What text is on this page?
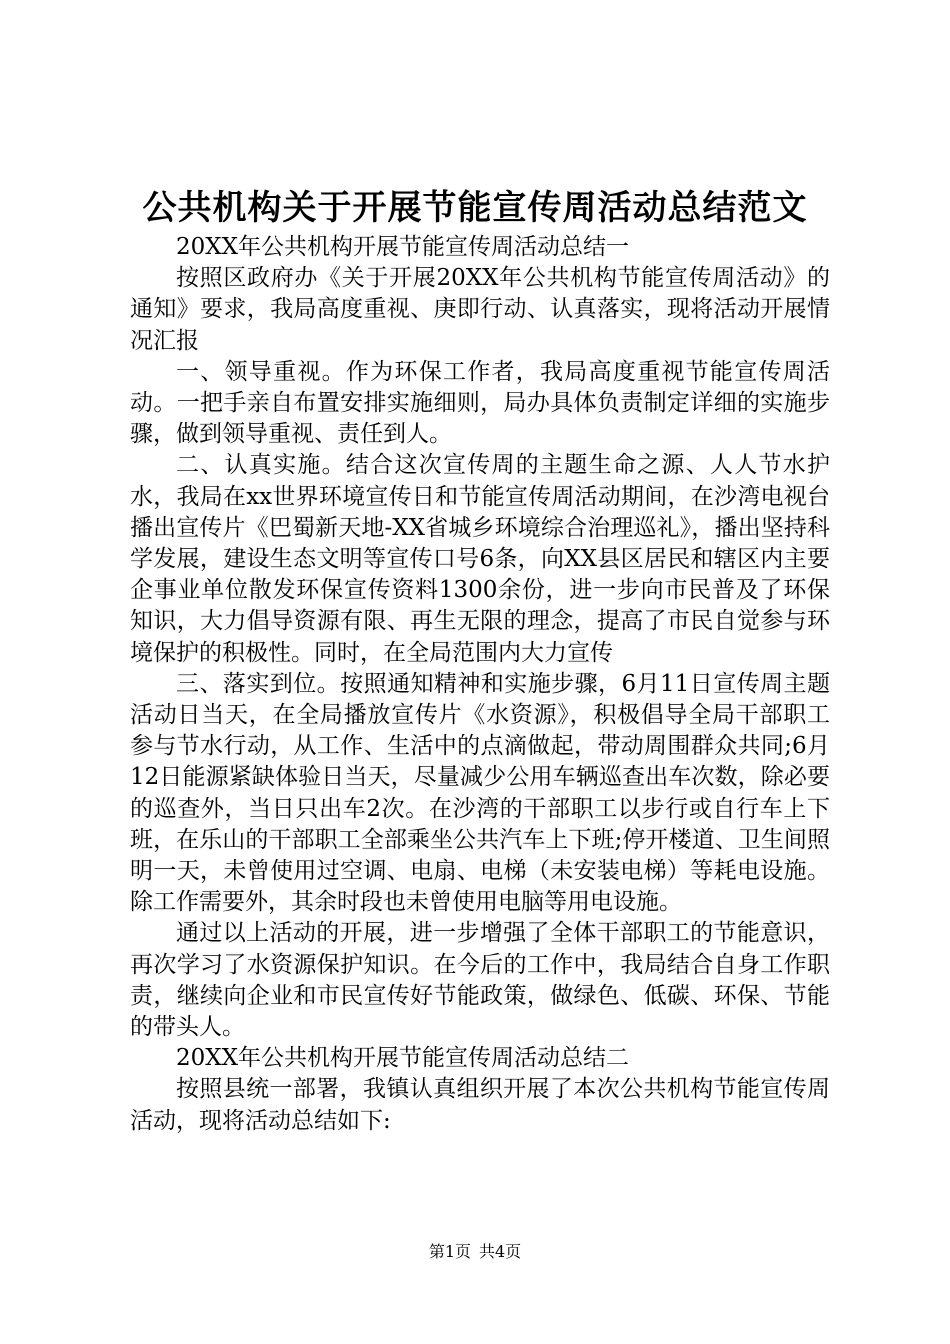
公共机构关于开展节能宣传周活动总结范文

20XX年公共机构开展节能宣传周活动总结一

按照区政府办《关于开展20XX年公共机构节能宣传周活动》的通知》要求，我局高度重视、庚即行动、认真落实，现将活动开展情况汇报

一、领导重视。作为环保工作者，我局高度重视节能宣传周活动。一把手亲自布置安排实施细则，局办具体负责制定详细的实施步骤，做到领导重视、责任到人。

二、认真实施。结合这次宣传周的主题生命之源、人人节水护水，我局在xx世界环境宣传日和节能宣传周活动期间，在沙湾电视台播出宣传片《巴蜀新天地-XX省城乡环境综合治理巡礼》，播出坚持科学发展，建设生态文明等宣传口号6条，向XX县区居民和辖区内主要企事业单位散发环保宣传资料1300余份，进一步向市民普及了环保知识，大力倡导资源有限、再生无限的理念，提高了市民自觉参与环境保护的积极性。同时，在全局范围内大力宣传

三、落实到位。按照通知精神和实施步骤，6月11日宣传周主题活动日当天，在全局播放宣传片《水资源》，积极倡导全局干部职工参与节水行动，从工作、生活中的点滴做起，带动周围群众共同;6月12日能源紧缺体验日当天，尽量减少公用车辆巡查出车次数，除必要的巡查外，当日只出车2次。在沙湾的干部职工以步行或自行车上下班，在乐山的干部职工全部乘坐公共汽车上下班;停开楼道、卫生间照明一天，未曾使用过空调、电扇、电梯（未安装电梯）等耗电设施。除工作需要外，其余时段也未曾使用电脑等用电设施。

通过以上活动的开展，进一步增强了全体干部职工的节能意识，再次学习了水资源保护知识。在今后的工作中，我局结合自身工作职责，继续向企业和市民宣传好节能政策，做绿色、低碳、环保、节能的带头人。

20XX年公共机构开展节能宣传周活动总结二

按照县统一部署，我镇认真组织开展了本次公共机构节能宣传周活动，现将活动总结如下:

第1页 共4页
